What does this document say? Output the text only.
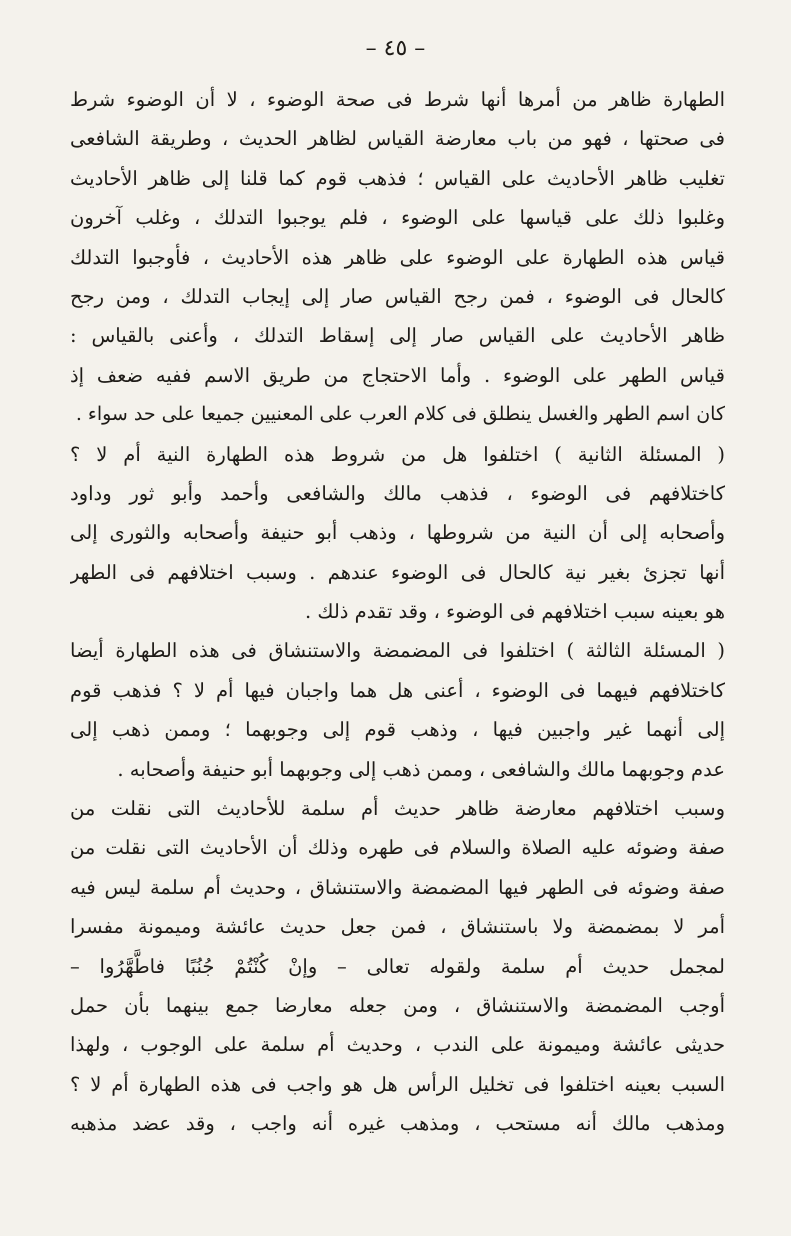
– ٤٥ –
الطهارة ظاهر من أمرها أنها شرط فى صحة الوضوء ، لا أن الوضوء شرط
فى صحتها ، فهو من باب معارضة القياس لظاهر الحديث ، وطريقة الشافعى
تغليب ظاهر الأحاديث على القياس ؛ فذهب قوم كما قلنا إلى ظاهر الأحاديث
وغلبوا ذلك على قياسها على الوضوء ، فلم يوجبوا التدلك ، وغلب آخرون
قياس هذه الطهارة على الوضوء على ظاهر هذه الأحاديث ، فأوجبوا التدلك
كالحال فى الوضوء ، فمن رجح القياس صار إلى إيجاب التدلك ، ومن رجح
ظاهر الأحاديث على القياس صار إلى إسقاط التدلك ، وأعنى بالقياس :
قياس الطهر على الوضوء . وأما الاحتجاج من طريق الاسم ففيه ضعف إذ
كان اسم الطهر والغسل ينطلق فى كلام العرب على المعنيين جميعا على حد سواء .
( المسئلة الثانية ) اختلفوا هل من شروط هذه الطهارة النية أم لا ؟
كاختلافهم فى الوضوء ، فذهب مالك والشافعى وأحمد وأبو ثور وداود
وأصحابه إلى أن النية من شروطها ، وذهب أبو حنيفة وأصحابه والثورى إلى
أنها تجزئ بغير نية كالحال فى الوضوء عندهم . وسبب اختلافهم فى الطهر
هو بعينه سبب اختلافهم فى الوضوء ، وقد تقدم ذلك .
( المسئلة الثالثة ) اختلفوا فى المضمضة والاستنشاق فى هذه الطهارة أيضا
كاختلافهم فيهما فى الوضوء ، أعنى هل هما واجبان فيها أم لا ؟ فذهب قوم
إلى أنهما غير واجبين فيها ، وذهب قوم إلى وجوبهما ؛ وممن ذهب إلى
عدم وجوبهما مالك والشافعى ، وممن ذهب إلى وجوبهما أبو حنيفة وأصحابه .
وسبب اختلافهم معارضة ظاهر حديث أم سلمة للأحاديث التى نقلت من
صفة وضوئه عليه الصلاة والسلام فى طهره وذلك أن الأحاديث التى نقلت من
صفة وضوئه فى الطهر فيها المضمضة والاستنشاق ، وحديث أم سلمة ليس فيه
أمر لا بمضمضة ولا باستنشاق ، فمن جعل حديث عائشة وميمونة مفسرا
لمجمل حديث أم سلمة ولقوله تعالى – وإنْ كُنْتُمْ جُنُبًا فاطَّهَّرُوا –
أوجب المضمضة والاستنشاق ، ومن جعله معارضا جمع بينهما بأن حمل
حديثى عائشة وميمونة على الندب ، وحديث أم سلمة على الوجوب ، ولهذا
السبب بعينه اختلفوا فى تخليل الرأس هل هو واجب فى هذه الطهارة أم لا ؟
ومذهب مالك أنه مستحب ، ومذهب غيره أنه واجب ، وقد عضد مذهبه
